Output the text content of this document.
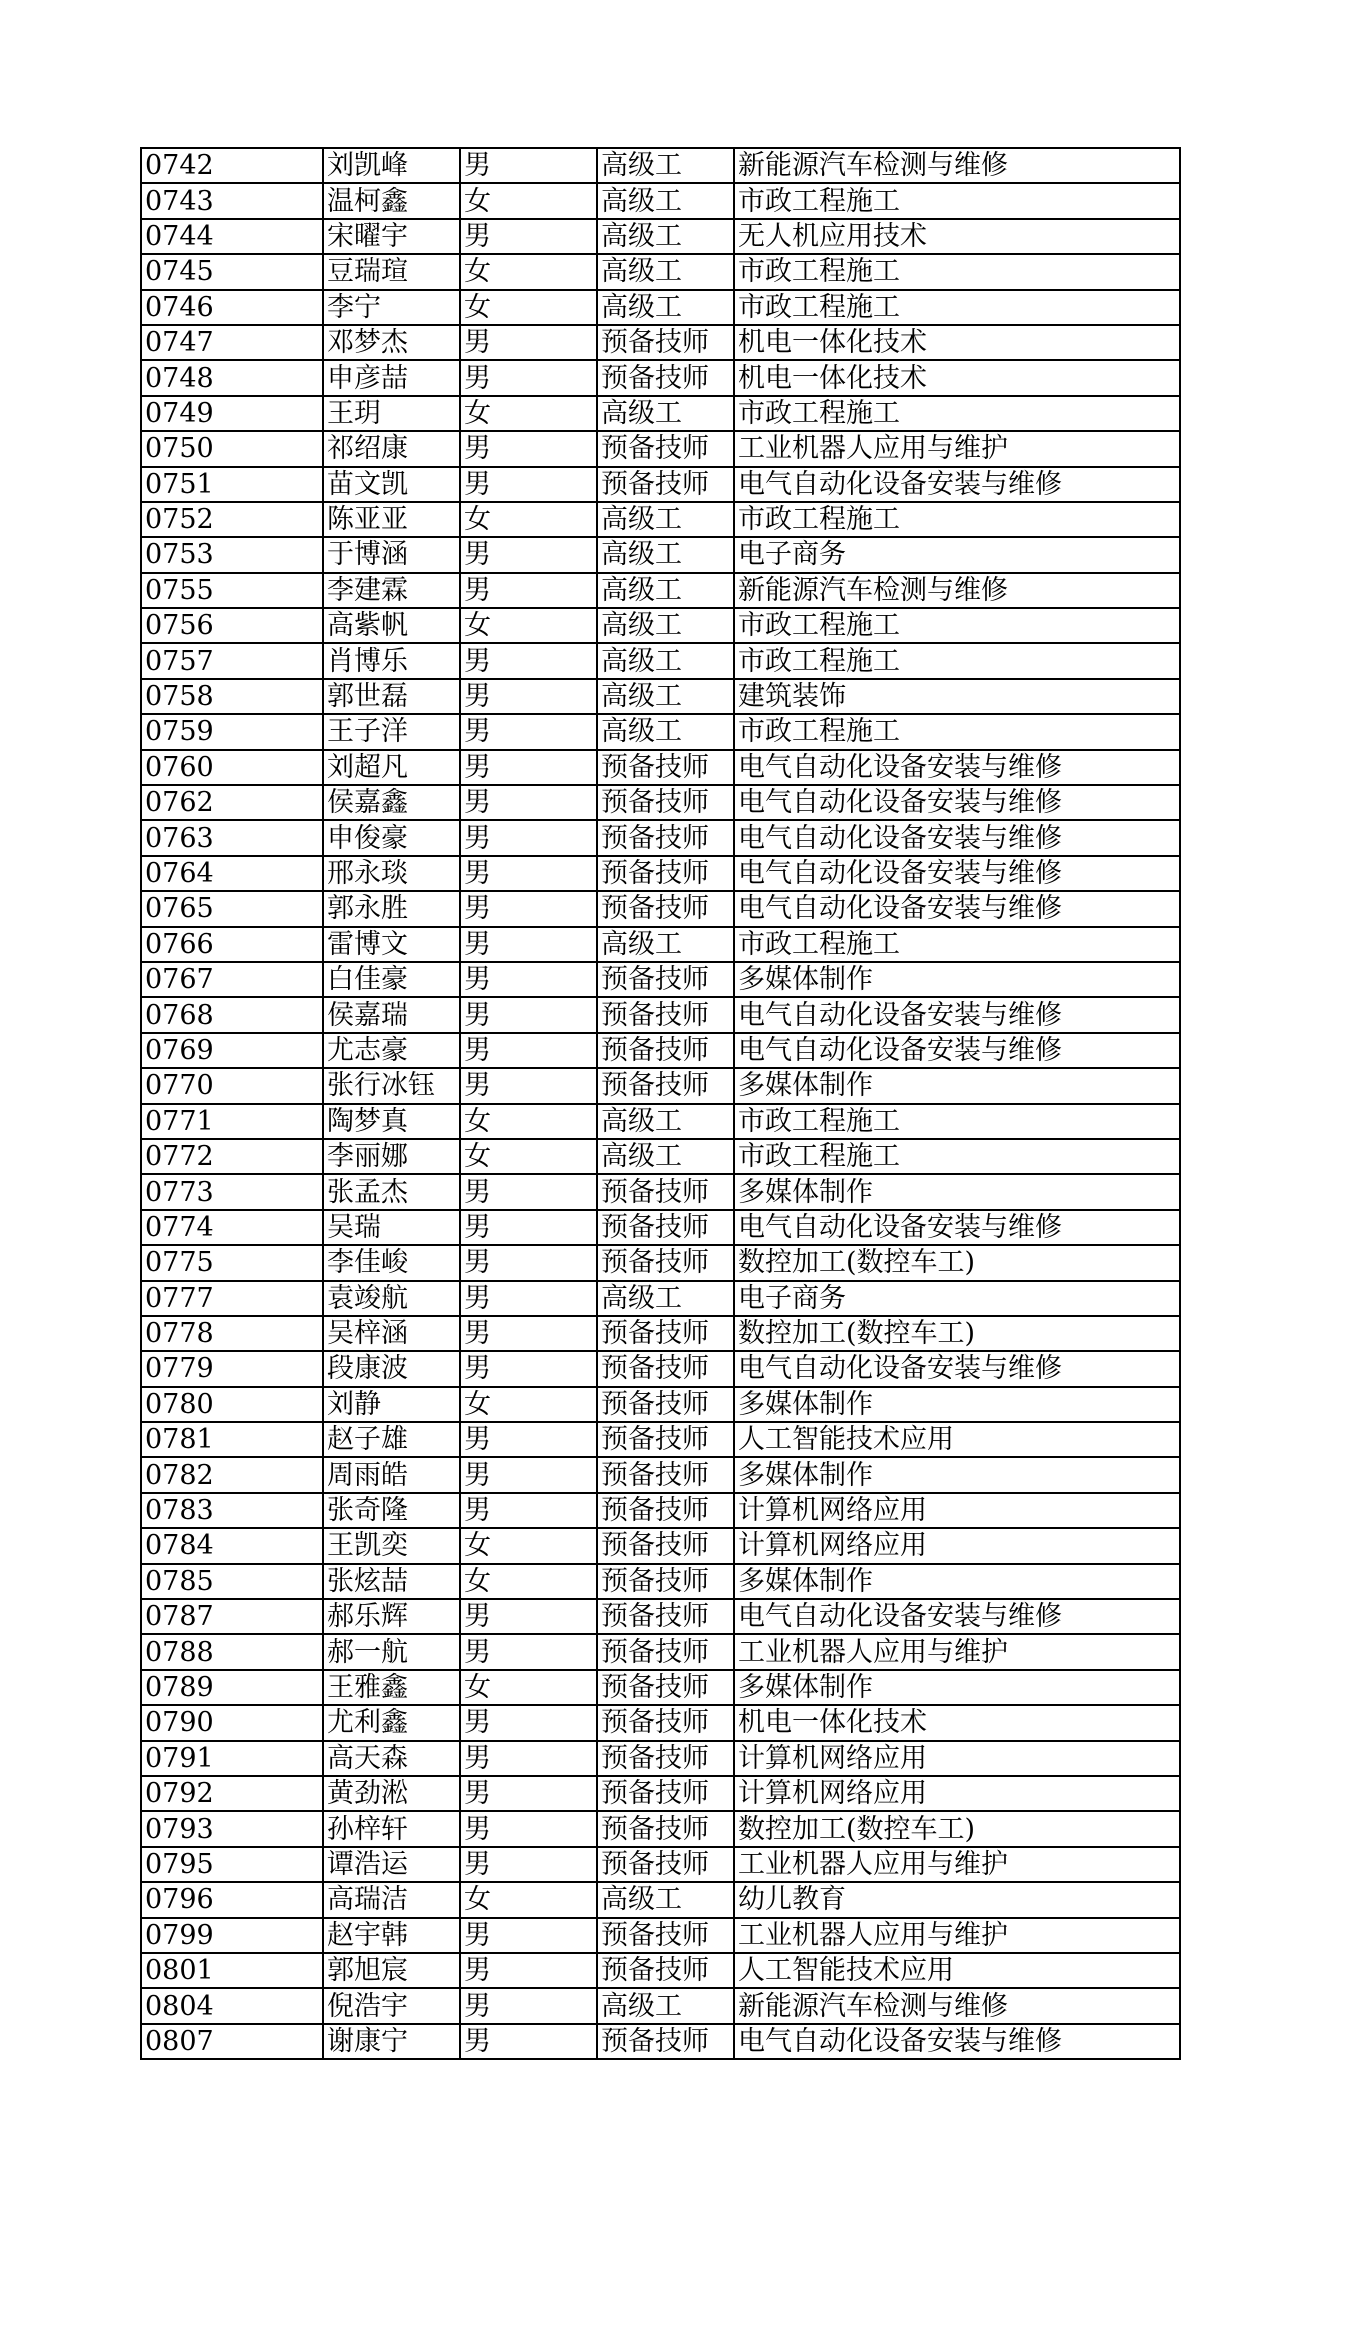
0742	刘凯峰	男	高级工	新能源汽车检测与维修
0743	温柯鑫	女	高级工	市政工程施工
0744	宋曜宇	男	高级工	无人机应用技术
0745	豆瑞瑄	女	高级工	市政工程施工
0746	李宁	女	高级工	市政工程施工
0747	邓梦杰	男	预备技师	机电一体化技术
0748	申彦喆	男	预备技师	机电一体化技术
0749	王玥	女	高级工	市政工程施工
0750	祁绍康	男	预备技师	工业机器人应用与维护
0751	苗文凯	男	预备技师	电气自动化设备安装与维修
0752	陈亚亚	女	高级工	市政工程施工
0753	于博涵	男	高级工	电子商务
0755	李建霖	男	高级工	新能源汽车检测与维修
0756	高紫帆	女	高级工	市政工程施工
0757	肖博乐	男	高级工	市政工程施工
0758	郭世磊	男	高级工	建筑装饰
0759	王子洋	男	高级工	市政工程施工
0760	刘超凡	男	预备技师	电气自动化设备安装与维修
0762	侯嘉鑫	男	预备技师	电气自动化设备安装与维修
0763	申俊豪	男	预备技师	电气自动化设备安装与维修
0764	邢永琰	男	预备技师	电气自动化设备安装与维修
0765	郭永胜	男	预备技师	电气自动化设备安装与维修
0766	雷博文	男	高级工	市政工程施工
0767	白佳豪	男	预备技师	多媒体制作
0768	侯嘉瑞	男	预备技师	电气自动化设备安装与维修
0769	尤志豪	男	预备技师	电气自动化设备安装与维修
0770	张行冰钰	男	预备技师	多媒体制作
0771	陶梦真	女	高级工	市政工程施工
0772	李丽娜	女	高级工	市政工程施工
0773	张孟杰	男	预备技师	多媒体制作
0774	吴瑞	男	预备技师	电气自动化设备安装与维修
0775	李佳峻	男	预备技师	数控加工(数控车工)
0777	袁竣航	男	高级工	电子商务
0778	吴梓涵	男	预备技师	数控加工(数控车工)
0779	段康波	男	预备技师	电气自动化设备安装与维修
0780	刘静	女	预备技师	多媒体制作
0781	赵子雄	男	预备技师	人工智能技术应用
0782	周雨皓	男	预备技师	多媒体制作
0783	张奇隆	男	预备技师	计算机网络应用
0784	王凯奕	女	预备技师	计算机网络应用
0785	张炫喆	女	预备技师	多媒体制作
0787	郝乐辉	男	预备技师	电气自动化设备安装与维修
0788	郝一航	男	预备技师	工业机器人应用与维护
0789	王雅鑫	女	预备技师	多媒体制作
0790	尤利鑫	男	预备技师	机电一体化技术
0791	高天森	男	预备技师	计算机网络应用
0792	黄劲淞	男	预备技师	计算机网络应用
0793	孙梓轩	男	预备技师	数控加工(数控车工)
0795	谭浩运	男	预备技师	工业机器人应用与维护
0796	高瑞洁	女	高级工	幼儿教育
0799	赵宇韩	男	预备技师	工业机器人应用与维护
0801	郭旭宸	男	预备技师	人工智能技术应用
0804	倪浩宇	男	高级工	新能源汽车检测与维修
0807	谢康宁	男	预备技师	电气自动化设备安装与维修
